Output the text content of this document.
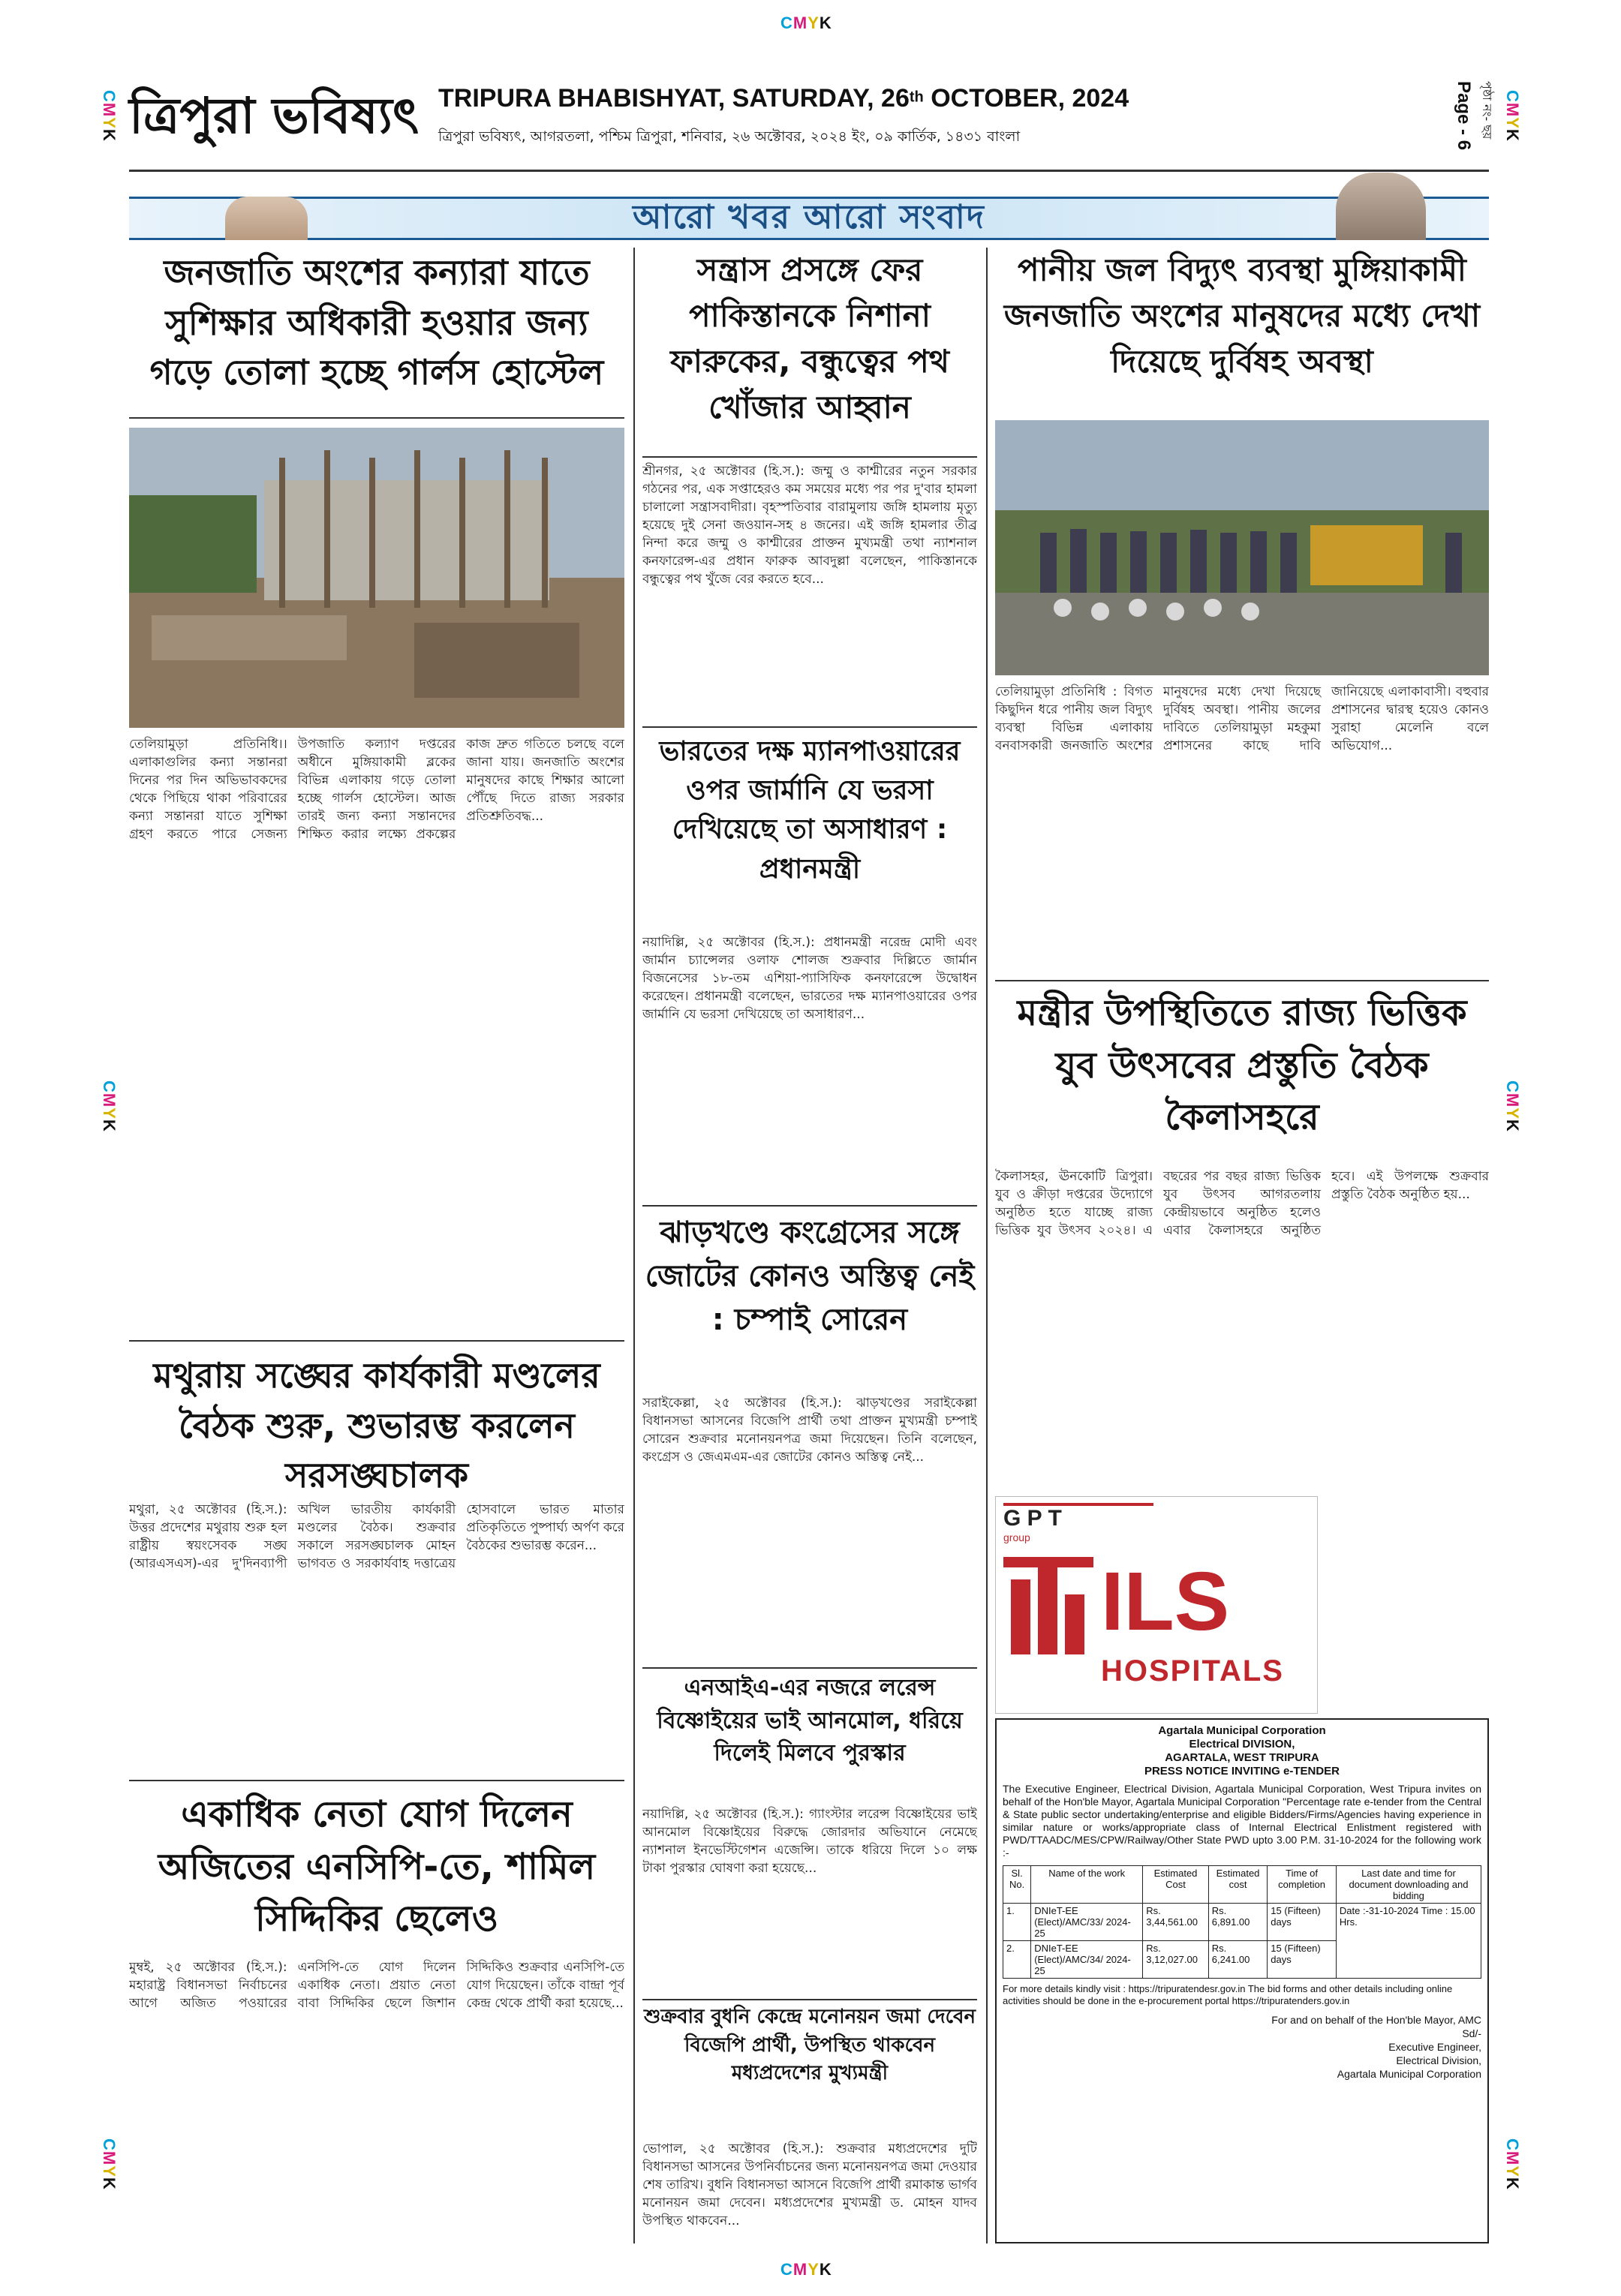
CMYK
CMYK
CMYK
CMYK
CMYK
CMYK
CMYK
CMYK
ত্রিপুরা ভবিষ্যৎ TRIPURA BHABISHYAT, SATURDAY, 26th OCTOBER, 2024
ত্রিপুরা ভবিষ্যৎ, আগরতলা, পশ্চিম ত্রিপুরা, শনিবার, ২৬ অক্টোবর, ২০২৪ ইং, ০৯ কার্তিক, ১৪৩১ বাংলা	Page - 6 পৃষ্ঠা নং- ছয়
আরো খবর আরো সংবাদ
জনজাতি অংশের কন্যারা যাতে সুশিক্ষার অধিকারী হওয়ার জন্য গড়ে তোলা হচ্ছে গার্লস হোস্টেল
তেলিয়ামুড়া প্রতিনিধি।। এলাকাগুলির কন্যা সন্তানরা দিনের পর দিন অভিভাবকদের থেকে পিছিয়ে থাকা পরিবারের কন্যা সন্তানরা যাতে সুশিক্ষা গ্রহণ করতে পারে সেজন্য উপজাতি কল্যাণ দপ্তরের অধীনে মুঙ্গিয়াকামী ব্লকের বিভিন্ন এলাকায় গড়ে তোলা হচ্ছে গার্লস হোস্টেল। আজ তারই জন্য কন্যা সন্তানদের শিক্ষিত করার লক্ষ্যে প্রকল্পের কাজ দ্রুত গতিতে চলছে বলে জানা যায়। জনজাতি অংশের মানুষদের কাছে শিক্ষার আলো পৌঁছে দিতে রাজ্য সরকার প্রতিশ্রুতিবদ্ধ...
মথুরায় সঙ্ঘের কার্যকারী মণ্ডলের বৈঠক শুরু, শুভারম্ভ করলেন সরসঙ্ঘচালক
মথুরা, ২৫ অক্টোবর (হি.স.): উত্তর প্রদেশের মথুরায় শুরু হল রাষ্ট্রীয় স্বয়ংসেবক সঙ্ঘ (আরএসএস)-এর দু'দিনব্যাপী অখিল ভারতীয় কার্যকারী মণ্ডলের বৈঠক। শুক্রবার সকালে সরসঙ্ঘচালক মোহন ভাগবত ও সরকার্যবাহ দত্তাত্রেয় হোসবালে ভারত মাতার প্রতিকৃতিতে পুষ্পার্ঘ্য অর্পণ করে বৈঠকের শুভারম্ভ করেন...
একাধিক নেতা যোগ দিলেন অজিতের এনসিপি-তে, শামিল সিদ্দিকির ছেলেও
মুম্বই, ২৫ অক্টোবর (হি.স.): মহারাষ্ট্র বিধানসভা নির্বাচনের আগে অজিত পওয়ারের এনসিপি-তে যোগ দিলেন একাধিক নেতা। প্রয়াত নেতা বাবা সিদ্দিকির ছেলে জিশান সিদ্দিকিও শুক্রবার এনসিপি-তে যোগ দিয়েছেন। তাঁকে বান্দ্রা পূর্ব কেন্দ্র থেকে প্রার্থী করা হয়েছে...
সন্ত্রাস প্রসঙ্গে ফের পাকিস্তানকে নিশানা ফারুকের, বন্ধুত্বের পথ খোঁজার আহ্বান
শ্রীনগর, ২৫ অক্টোবর (হি.স.): জম্মু ও কাশ্মীরের নতুন সরকার গঠনের পর, এক সপ্তাহেরও কম সময়ের মধ্যে পর পর দু'বার হামলা চালালো সন্ত্রাসবাদীরা। বৃহস্পতিবার বারামুলায় জঙ্গি হামলায় মৃত্যু হয়েছে দুই সেনা জওয়ান-সহ ৪ জনের। এই জঙ্গি হামলার তীব্র নিন্দা করে জম্মু ও কাশ্মীরের প্রাক্তন মুখ্যমন্ত্রী তথা ন্যাশনাল কনফারেন্স-এর প্রধান ফারুক আবদুল্লা বলেছেন, পাকিস্তানকে বন্ধুত্বের পথ খুঁজে বের করতে হবে...
ভারতের দক্ষ ম্যানপাওয়ারের ওপর জার্মানি যে ভরসা দেখিয়েছে তা অসাধারণ : প্রধানমন্ত্রী
নয়াদিল্লি, ২৫ অক্টোবর (হি.স.): প্রধানমন্ত্রী নরেন্দ্র মোদী এবং জার্মান চ্যান্সেলর ওলাফ শোলজ শুক্রবার দিল্লিতে জার্মান বিজনেসের ১৮-তম এশিয়া-প্যাসিফিক কনফারেন্সে উদ্বোধন করেছেন। প্রধানমন্ত্রী বলেছেন, ভারতের দক্ষ ম্যানপাওয়ারের ওপর জার্মানি যে ভরসা দেখিয়েছে তা অসাধারণ...
ঝাড়খণ্ডে কংগ্রেসের সঙ্গে জোটের কোনও অস্তিত্ব নেই : চম্পাই সোরেন
সরাইকেল্লা, ২৫ অক্টোবর (হি.স.): ঝাড়খণ্ডের সরাইকেল্লা বিধানসভা আসনের বিজেপি প্রার্থী তথা প্রাক্তন মুখ্যমন্ত্রী চম্পাই সোরেন শুক্রবার মনোনয়নপত্র জমা দিয়েছেন। তিনি বলেছেন, কংগ্রেস ও জেএমএম-এর জোটের কোনও অস্তিত্ব নেই...
এনআইএ-এর নজরে লরেন্স বিষ্ণোইয়ের ভাই আনমোল, ধরিয়ে দিলেই মিলবে পুরস্কার
নয়াদিল্লি, ২৫ অক্টোবর (হি.স.): গ্যাংস্টার লরেন্স বিষ্ণোইয়ের ভাই আনমোল বিষ্ণোইয়ের বিরুদ্ধে জোরদার অভিযানে নেমেছে ন্যাশনাল ইনভেস্টিগেশন এজেন্সি। তাকে ধরিয়ে দিলে ১০ লক্ষ টাকা পুরস্কার ঘোষণা করা হয়েছে...
শুক্রবার বুধনি কেন্দ্রে মনোনয়ন জমা দেবেন বিজেপি প্রার্থী, উপস্থিত থাকবেন মধ্যপ্রদেশের মুখ্যমন্ত্রী
ভোপাল, ২৫ অক্টোবর (হি.স.): শুক্রবার মধ্যপ্রদেশের দুটি বিধানসভা আসনের উপনির্বাচনের জন্য মনোনয়নপত্র জমা দেওয়ার শেষ তারিখ। বুধনি বিধানসভা আসনে বিজেপি প্রার্থী রমাকান্ত ভার্গব মনোনয়ন জমা দেবেন। মধ্যপ্রদেশের মুখ্যমন্ত্রী ড. মোহন যাদব উপস্থিত থাকবেন...
পানীয় জল বিদ্যুৎ ব্যবস্থা মুঙ্গিয়াকামী জনজাতি অংশের মানুষদের মধ্যে দেখা দিয়েছে দুর্বিষহ অবস্থা
তেলিয়ামুড়া প্রতিনিধি : বিগত কিছুদিন ধরে পানীয় জল বিদ্যুৎ ব্যবস্থা বিভিন্ন এলাকায় বনবাসকারী জনজাতি অংশের মানুষদের মধ্যে দেখা দিয়েছে দুর্বিষহ অবস্থা। পানীয় জলের দাবিতে তেলিয়ামুড়া মহকুমা প্রশাসনের কাছে দাবি জানিয়েছে এলাকাবাসী। বহুবার প্রশাসনের দ্বারস্থ হয়েও কোনও সুরাহা মেলেনি বলে অভিযোগ...
মন্ত্রীর উপস্থিতিতে রাজ্য ভিত্তিক যুব উৎসবের প্রস্তুতি বৈঠক কৈলাসহরে
কৈলাসহর, ঊনকোটি ত্রিপুরা। যুব ও ক্রীড়া দপ্তরের উদ্যোগে অনুষ্ঠিত হতে যাচ্ছে রাজ্য ভিত্তিক যুব উৎসব ২০২৪। এ বছরের পর বছর রাজ্য ভিত্তিক যুব উৎসব আগরতলায় কেন্দ্রীয়ভাবে অনুষ্ঠিত হলেও এবার কৈলাসহরে অনুষ্ঠিত হবে। এই উপলক্ষে শুক্রবার প্রস্তুতি বৈঠক অনুষ্ঠিত হয়...
G P T
group
ILS
HOSPITALS
Agartala Municipal Corporation
Electrical DIVISION,
AGARTALA, WEST TRIPURA
PRESS NOTICE INVITING e-TENDER
The Executive Engineer, Electrical Division, Agartala Municipal Corporation, West Tripura invites on behalf of the Hon'ble Mayor, Agartala Municipal Corporation "Percentage rate e-tender from the Central & State public sector undertaking/enterprise and eligible Bidders/Firms/Agencies having experience in similar nature or works/appropriate class of Internal Electrical Enlistment registered with PWD/TTAADC/MES/CPW/Railway/Other State PWD upto 3.00 P.M. 31-10-2024 for the following work :-
Sl. No.	Name of the work	Estimated Cost	Estimated cost	Time of completion	Last date and time for document downloading and bidding
1.	DNIeT-EE (Elect)/AMC/33/ 2024-25	Rs. 3,44,561.00	Rs. 6,891.00	15 (Fifteen) days	Date :-31-10-2024 Time : 15.00 Hrs.
2.	DNIeT-EE (Elect)/AMC/34/ 2024-25	Rs. 3,12,027.00	Rs. 6,241.00	15 (Fifteen) days	
For more details kindly visit : https://tripuratendesr.gov.in The bid forms and other details including online activities should be done in the e-procurement portal https://tripuratenders.gov.in
For and on behalf of the Hon'ble Mayor, AMC
Sd/-
Executive Engineer,
Electrical Division,
Agartala Municipal Corporation
